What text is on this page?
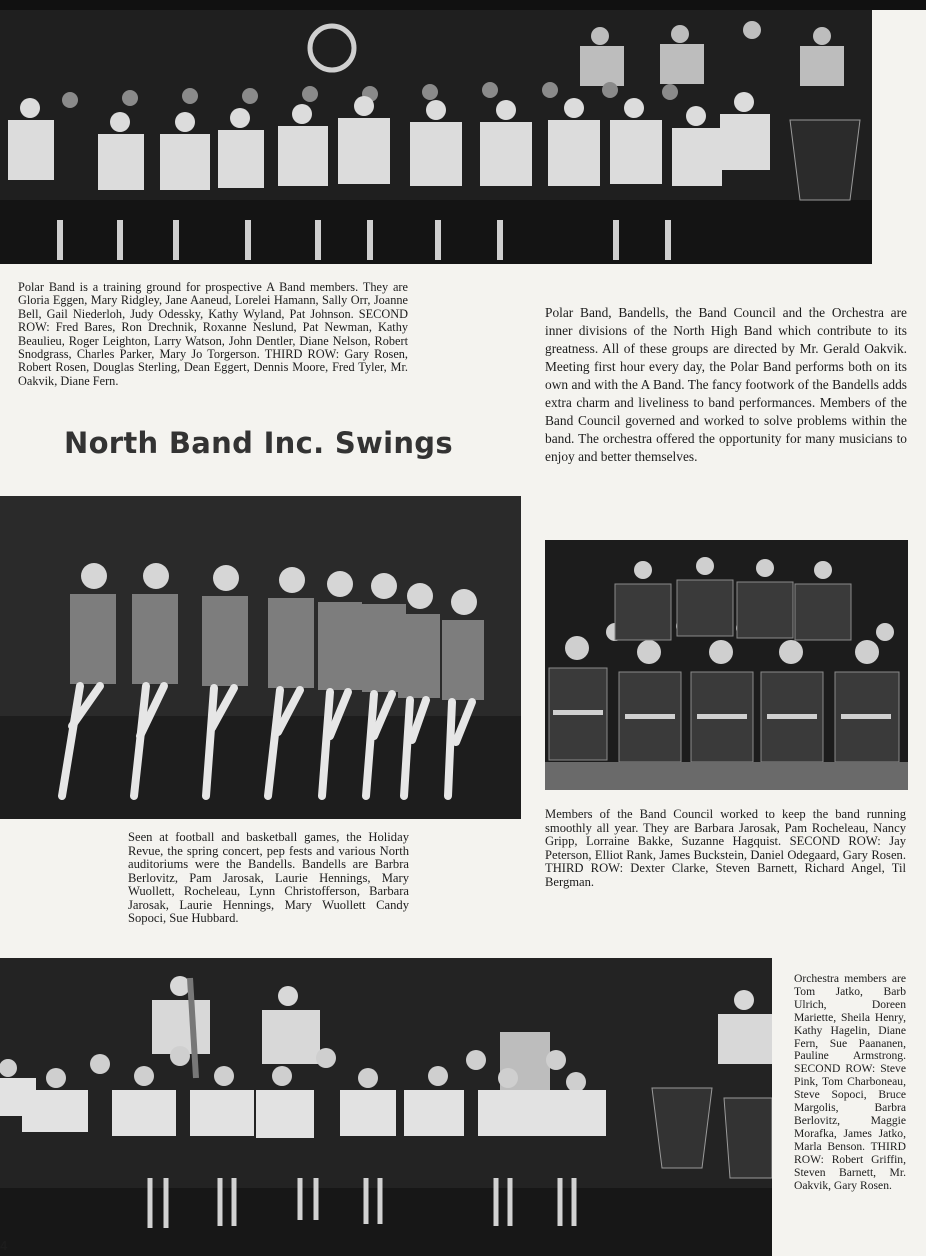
Polar Band is a training ground for prospective A Band members. They are Gloria Eggen, Mary Ridgley, Jane Aaneud, Lorelei Hamann, Sally Orr, Joanne Bell, Gail Niederloh, Judy Odessky, Kathy Wyland, Pat Johnson. SECOND ROW: Fred Bares, Ron Drechnik, Roxanne Neslund, Pat Newman, Kathy Beaulieu, Roger Leighton, Larry Watson, John Dentler, Diane Nelson, Robert Snodgrass, Charles Parker, Mary Jo Torgerson. THIRD ROW: Gary Rosen, Robert Rosen, Douglas Sterling, Dean Eggert, Dennis Moore, Fred Tyler, Mr. Oakvik, Diane Fern.

Polar Band, Bandells, the Band Council and the Orchestra are inner divisions of the North High Band which contribute to its greatness. All of these groups are directed by Mr. Gerald Oakvik. Meeting first hour every day, the Polar Band performs both on its own and with the A Band. The fancy footwork of the Bandells adds extra charm and liveliness to band performances. Members of the Band Council governed and worked to solve problems within the band. The orchestra offered the opportunity for many musicians to enjoy and better themselves.

North Band Inc. Swings

Members of the Band Council worked to keep the band running smoothly all year. They are Barbara Jarosak, Pam Rocheleau, Nancy Gripp, Lorraine Bakke, Suzanne Hagquist. SECOND ROW: Jay Peterson, Elliot Rank, James Buckstein, Daniel Odegaard, Gary Rosen. THIRD ROW: Dexter Clarke, Steven Barnett, Richard Angel, Til Bergman.

Seen at football and basketball games, the Holiday Revue, the spring concert, pep fests and various North auditoriums were the Bandells. Bandells are Barbra Berlovitz, Pam Jarosak, Laurie Hennings, Mary Wuollett, Rocheleau, Lynn Christofferson, Barbara Jarosak, Laurie Hennings, Mary Wuollett Candy Sopoci, Sue Hubbard.

Orchestra members are Tom Jatko, Barb Ulrich, Doreen Mariette, Sheila Henry, Kathy Hagelin, Diane Fern, Sue Paananen, Pauline Armstrong. SECOND ROW: Steve Pink, Tom Charboneau, Steve Sopoci, Bruce Margolis, Barbra Berlovitz, Maggie Morafka, James Jatko, Marla Benson. THIRD ROW: Robert Griffin, Steven Barnett, Mr. Oakvik, Gary Rosen.

4
